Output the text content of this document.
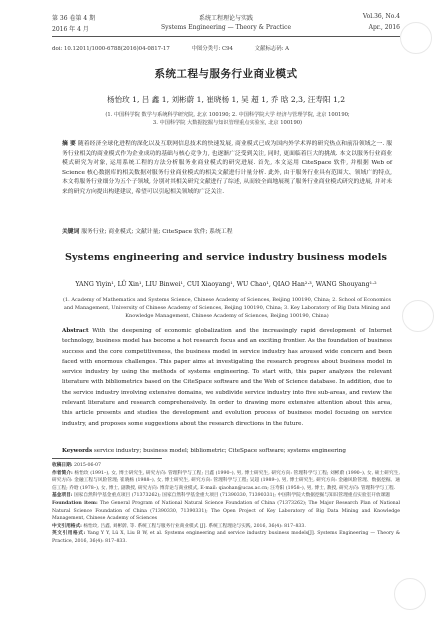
第 36 卷第 4 期	系统工程理论与实践	Vol.36, No.4
2016 年 4 月	Systems Engineering — Theory & Practice	Apr., 2016
doi: 10.12011/1000-6788(2016)04-0817-17	中图分类号: C94	文献标志码: A
系统工程与服务行业商业模式
杨怡玫 1, 吕 鑫 1, 刘彬蔚 1, 崔晓杨 1, 吴 超 1, 乔 晗 2,3, 汪寿阳 1,2
(1. 中国科学院 数学与系统科学研究院, 北京 100190; 2. 中国科学院大学 经济与管理学院, 北京 100190;
3. 中国科学院 大数据挖掘与知识管理重点实验室, 北京 100190)
摘 要 随着经济全球化进程的深化以及互联网信息技术的快速发展, 商业模式已成为国内外学术界的研究热点和前沿领域之一. 服务行业相关的商业模式作为企业成功的基础与核心竞争力, 也逐渐广泛受到关注, 同时, 更面临着巨大的挑战. 本文以服务行业商业模式研究为对象, 运用系统工程的方法分析服务业商业模式的研究进展. 首先, 本文运用 CiteSpace 软件, 并根据 Web of Science 核心数据库的相关数据对服务行业商业模式的相关文献进行计量分析. 此外, 由于服务行业具有范围大、领域广的特点, 本文将服务行业细分为五个子领域, 分别对其相关研究文献进行了综述, 从而较全面地展现了服务行业商业模式研究的进展, 并对未来的研究方向提出构建建议, 希望可以引起相关领域的广泛关注.
关键词 服务行业; 商业模式; 文献计量; CiteSpace 软件; 系统工程
Systems engineering and service industry business models
YANG Yiyin¹, LÜ Xin¹, LIU Binwei¹, CUI Xiaoyang¹, WU Chao¹, QIAO Han²·³, WANG Shouyang¹·²
(1. Academy of Mathematics and Systems Science, Chinese Academy of Sciences, Beijing 100190, China; 2. School of Economics and Management, University of Chinese Academy of Sciences, Beijing 100190, China; 3. Key Laboratory of Big Data Mining and Knowledge Management, Chinese Academy of Sciences, Beijing 100190, China)
Abstract With the deepening of economic globalization and the increasingly rapid development of Internet technology, business model has become a hot research focus and an exciting frontier. As the foundation of business success and the core competitiveness, the business model in service industry has aroused wide concern and been faced with enormous challenges. This paper aims at investigating the research progress about business model in service industry by using the methods of systems engineering. To start with, this paper analyzes the relevant literature with bibliometrics based on the CiteSpace software and the Web of Science database. In addition, due to the service industry involving extensive domains, we subdivide service industry into five sub-areas, and review the relevant literature and research comprehensively. In order to drawing more extensive attention about this area, this article presents and studies the development and evolution process of business model focusing on service industry, and proposes some suggestions about the research directions in the future.
Keywords service industry; business model; bibliometric; CiteSpace software; systems engineering
收稿日期: 2015-06-07
作者简介: 杨怡玫 (1991–), 女, 博士研究生, 研究方向: 管理科学与工程; 吕鑫 (1990–), 男, 博士研究生, 研究方向: 管理科学与工程; 刘彬蔚 (1990–), 女, 硕士研究生, 研究方向: 金融工程与风险管理; 崔晓杨 (1988–), 女, 博士研究生, 研究方向: 管理科学与工程; 吴超 (1989–), 男, 博士研究生, 研究方向: 金融风险管理、数据挖掘、通信工程; 乔晗 (1978–), 女, 博士, 副教授, 研究方向: 博弈论与商业模式, E-mail: qiaohan@ucas.ac.cn; 汪寿阳 (1958–), 男, 博士, 教授, 研究方向: 管理科学与工程.
基金项目: 国家自然科学基金重点项目 (71373262); 国家自然科学基金重大项目 (71390330, 71390331); 中国科学院大数据挖掘与知识管理重点实验室开放课题
Foundation item: The General Program of National Natural Science Foundation of China (71373262); The Major Research Plan of National Natural Science Foundation of China (71390330, 71390331); The Open Project of Key Laboratory of Big Data Mining and Knowledge Management, Chinese Academy of Sciences
中文引用格式: 杨怡玫, 吕鑫, 刘彬蔚, 等. 系统工程与服务行业商业模式 [J]. 系统工程理论与实践, 2016, 36(4): 817–833.
英文引用格式: Yang Y Y, Lü X, Liu B W, et al. Systems engineering and service industry business models[J]. Systems Engineering — Theory & Practice, 2016, 36(4): 817–833.
